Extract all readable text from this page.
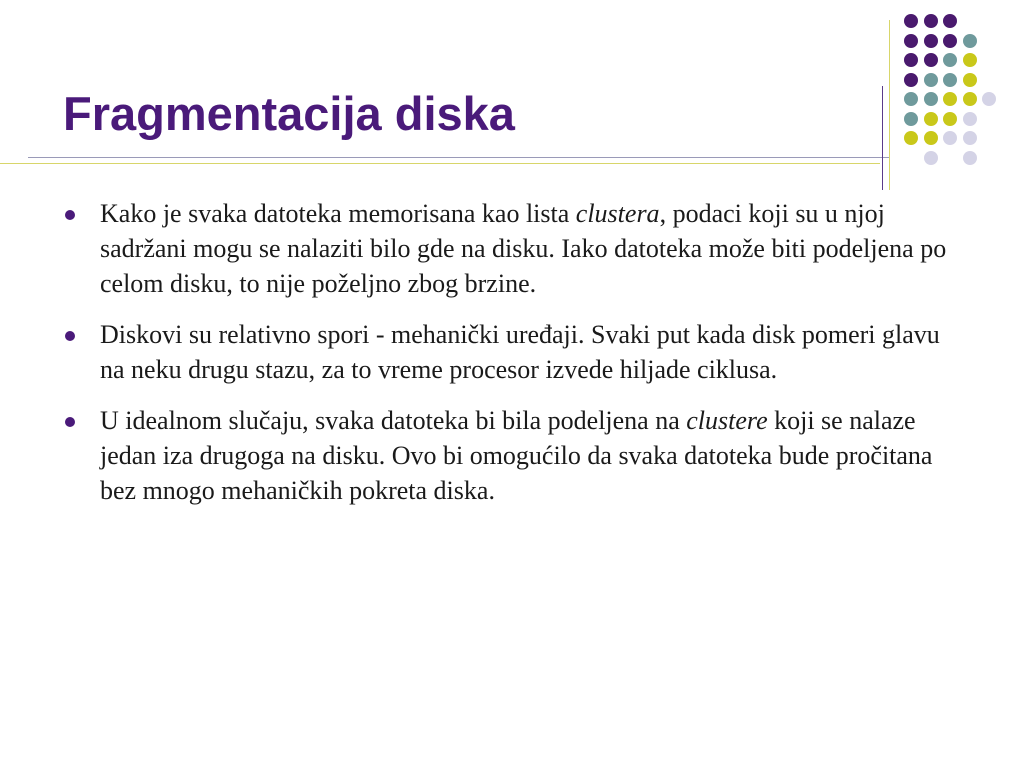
Fragmentacija diska
Kako je svaka datoteka memorisana kao lista clustera, podaci koji su u njoj sadržani mogu se nalaziti bilo gde na disku. Iako datoteka može biti podeljena po celom disku, to nije poželjno zbog brzine.
Diskovi su relativno spori - mehanički uređaji. Svaki put kada disk pomeri glavu na neku drugu stazu, za to vreme procesor izvede hiljade ciklusa.
U idealnom slučaju, svaka datoteka bi bila podeljena na clustere koji se nalaze jedan iza drugoga na disku. Ovo bi omogućilo da svaka datoteka bude pročitana bez mnogo mehaničkih pokreta diska.
